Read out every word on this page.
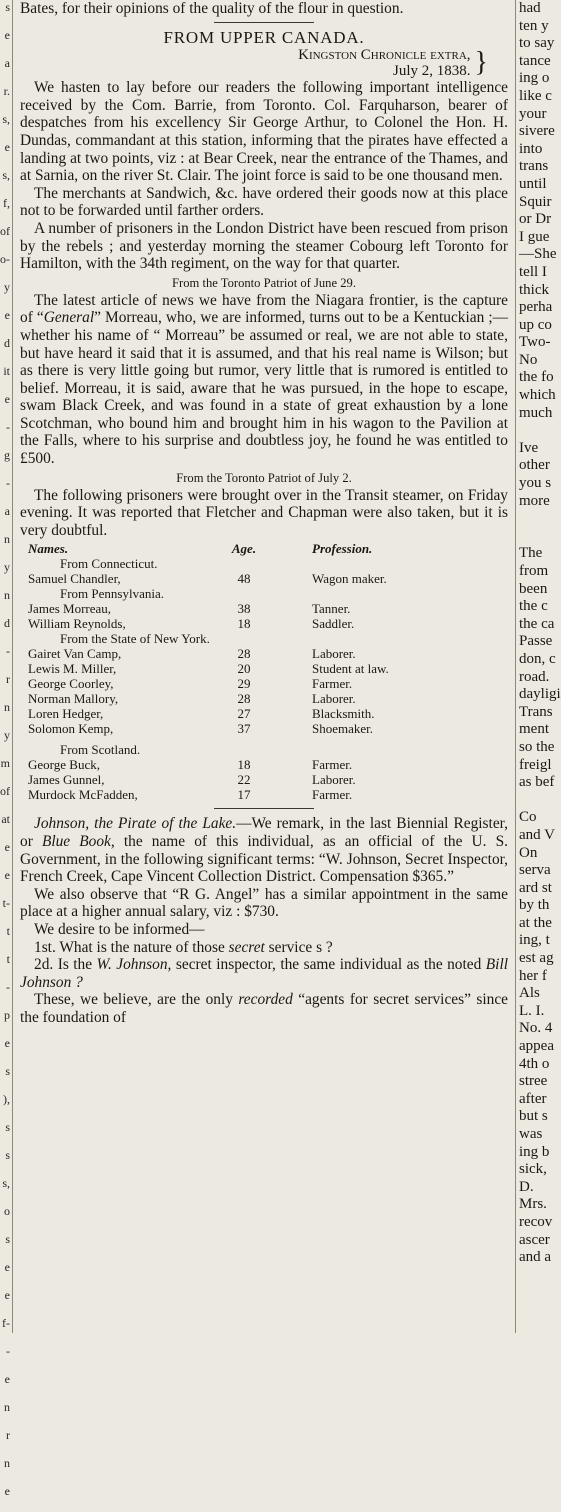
s
e
a
r.
s,
e
s,
f,
of
o-
y
e
d
it
e
-
g
-
a
n
y
n
d
-
r
n
y
m
of
at
e
e
t-
t
t
-
p
e
s
),
s
s
s,
o
s
e
e
f-
-
e
n
r
n
e

Bates, for their opinions of the quality of the flour in question.

FROM UPPER CANADA.
Kingston Chronicle extra,
July 2, 1838. }

We hasten to lay before our readers the following important intelligence received by the Com. Barrie, from Toronto. Col. Farquharson, bearer of despatches from his excellency Sir George Arthur, to Colonel the Hon. H. Dundas, commandant at this station, informing that the pirates have effected a landing at two points, viz : at Bear Creek, near the entrance of the Thames, and at Sarnia, on the river St. Clair. The joint force is said to be one thousand men.

The merchants at Sandwich, &c. have ordered their goods now at this place not to be forwarded until farther orders.

A number of prisoners in the London District have been rescued from prison by the rebels ; and yesterday morning the steamer Cobourg left Toronto for Hamilton, with the 34th regiment, on the way for that quarter.

From the Toronto Patriot of June 29.

The latest article of news we have from the Niagara frontier, is the capture of “General” Morreau, who, we are informed, turns out to be a Kentuckian ;—whether his name of “ Morreau” be assumed or real, we are not able to state, but have heard it said that it is assumed, and that his real name is Wilson; but as there is very little going but rumor, very little that is rumored is entitled to belief. Morreau, it is said, aware that he was pursued, in the hope to escape, swam Black Creek, and was found in a state of great exhaustion by a lone Scotchman, who bound him and brought him in his wagon to the Pavilion at the Falls, where to his surprise and doubtless joy, he found he was entitled to £500.

From the Toronto Patriot of July 2.

The following prisoners were brought over in the Transit steamer, on Friday evening. It was reported that Fletcher and Chapman were also taken, but it is very doubtful.

Names.	Age.	Profession.
From Connecticut.
Samuel Chandler,	48	Wagon maker.
From Pennsylvania.
James Morreau,	38	Tanner.
William Reynolds,	18	Saddler.
From the State of New York.
Gairet Van Camp,	28	Laborer.
Lewis M. Miller,	20	Student at law.
George Coorley,	29	Farmer.
Norman Mallory,	28	Laborer.
Loren Hedger,	27	Blacksmith.
Solomon Kemp,	37	Shoemaker.
From Scotland.
George Buck,	18	Farmer.
James Gunnel,	22	Laborer.
Murdock McFadden,	17	Farmer.

Johnson, the Pirate of the Lake.—We remark, in the last Biennial Register, or Blue Book, the name of this individual, as an official of the U. S. Government, in the following significant terms: “W. Johnson, Secret Inspector, French Creek, Cape Vincent Collection District. Compensation $365.”

We also observe that “R G. Angel” has a similar appointment in the same place at a higher annual salary, viz : $730.

We desire to be informed—

1st. What is the nature of those secret service s ?

2d. Is the W. Johnson, secret inspector, the same individual as the noted Bill Johnson ?

These, we believe, are the only recorded “agents for secret services” since the foundation of

had
ten y
to say
tance
ing o
like c
your
sivere
into
trans
until
Squir
or Dr
I gue
—She
tell I
thick
perha
up co
Two-
No
the fo
which
much
Ive
other
you s
more
The
from
been
the c
the ca
Passe
don, c
road.
dayligi
Trans
ment
so the
freigl
as bef
Co
and V
On
serva
ard st
by th
at the
ing, t
est ag
her f
Als
L. I.
No. 4
appea
4th o
stree
after
but s
was
ing b
sick,
D.
Mrs.
recov
ascer
and a
